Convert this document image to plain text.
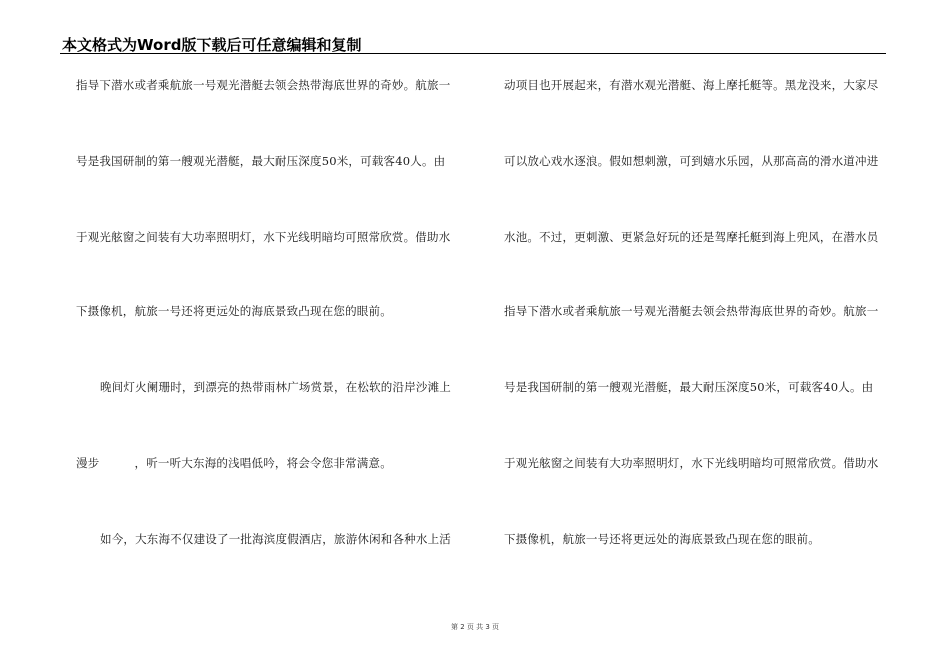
本文格式为Word版下载后可任意编辑和复制
指导下潜水或者乘航旅一号观光潜艇去领会热带海底世界的奇妙。航旅一
号是我国研制的第一艘观光潜艇，最大耐压深度50米，可载客40人。由
于观光舷窗之间装有大功率照明灯，水下光线明暗均可照常欣赏。借助水
下摄像机，航旅一号还将更远处的海底景致凸现在您的眼前。
晚间灯火阑珊时，到漂亮的热带雨林广场赏景，在松软的沿岸沙滩上
漫步　　　，听一听大东海的浅唱低吟，将会令您非常满意。
如今，大东海不仅建设了一批海滨度假酒店，旅游休闲和各种水上活
动项目也开展起来，有潜水观光潜艇、海上摩托艇等。黑龙没来，大家尽
可以放心戏水逐浪。假如想刺激，可到嬉水乐园，从那高高的滑水道冲进
水池。不过，更刺激、更紧急好玩的还是驾摩托艇到海上兜风，在潜水员
指导下潜水或者乘航旅一号观光潜艇去领会热带海底世界的奇妙。航旅一
号是我国研制的第一艘观光潜艇，最大耐压深度50米，可载客40人。由
于观光舷窗之间装有大功率照明灯，水下光线明暗均可照常欣赏。借助水
下摄像机，航旅一号还将更远处的海底景致凸现在您的眼前。
第 2 页 共 3 页
